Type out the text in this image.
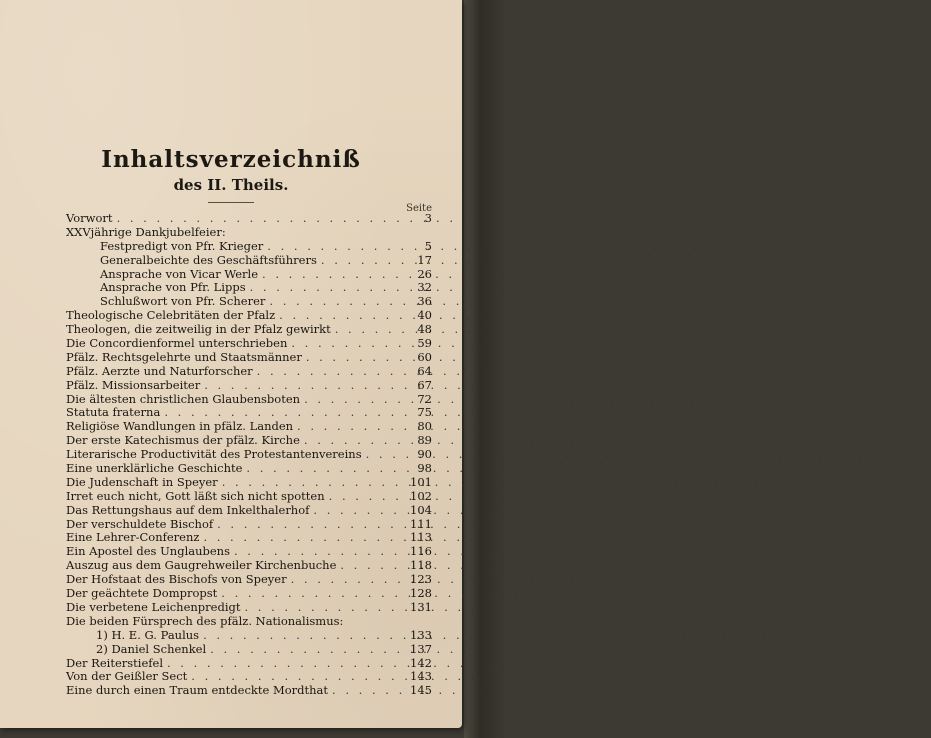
Inhaltsverzeichniß
des II. Theils.
Seite
Vorwort . . .	3
XXVjährige Dankjubelfeier:
Festpredigt von Pfr. Krieger . . .	5
Generalbeichte des Geschäftsführers . . .	17
Ansprache von Vicar Werle . . .	26
Ansprache von Pfr. Lipps . . .	32
Schlußwort von Pfr. Scherer . . .	36
Theologische Celebritäten der Pfalz . . .	40
Theologen, die zeitweilig in der Pfalz gewirkt . . .	48
Die Concordienformel unterschrieben . . .	59
Pfälz. Rechtsgelehrte und Staatsmänner . . .	60
Pfälz. Aerzte und Naturforscher . . .	64
Pfälz. Missionsarbeiter . . .	67
Die ältesten christlichen Glaubensboten . . .	72
Statuta fraterna . . .	75
Religiöse Wandlungen in pfälz. Landen . . .	80
Der erste Katechismus der pfälz. Kirche . . .	89
Literarische Productivität des Protestantenvereins . . .	90
Eine unerklärliche Geschichte . . .	98
Die Judenschaft in Speyer . . .	101
Irret euch nicht, Gott läßt sich nicht spotten . . .	102
Das Rettungshaus auf dem Inkelthalerhof . . .	104
Der verschuldete Bischof . . .	111
Eine Lehrer-Conferenz . . .	113
Ein Apostel des Unglaubens . . .	116
Auszug aus dem Gaugrehweiler Kirchenbuche . . .	118
Der Hofstaat des Bischofs von Speyer . . .	123
Der geächtete Dompropst . . .	128
Die verbetene Leichenpredigt . . .	131
Die beiden Fürsprech des pfälz. Nationalismus:
1) H. E. G. Paulus . . .	133
2) Daniel Schenkel . . .	137
Der Reiterstiefel . . .	142
Von der Geißler Sect . . .	143
Eine durch einen Traum entdeckte Mordthat . . .	145
